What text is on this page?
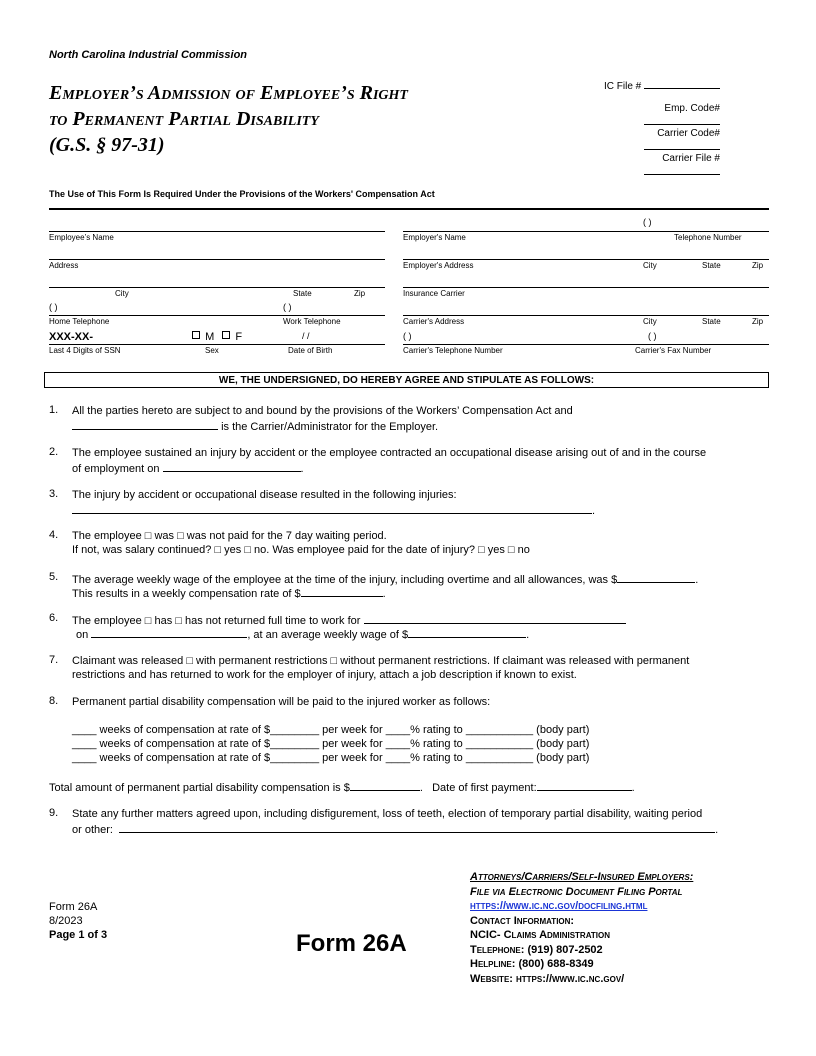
North Carolina Industrial Commission
Employer’s Admission of Employee’s Right
to Permanent Partial Disability
(G.S. § 97-31)
IC File #
Emp. Code#
Carrier Code#
Carrier File #
The Use of This Form Is Required Under the Provisions of the Workers' Compensation Act
Employee’s Name
Address
City	State	Zip
( )	( )
Home Telephone	Work Telephone
XXX-XX-	M F	/ /
Last 4 Digits of SSN	Sex	Date of Birth
( )
Employer's Name	Telephone Number
Employer's Address	City	State	Zip
Insurance Carrier
Carrier's Address	City	State	Zip
( )	( )
Carrier's Telephone Number	Carrier's Fax Number
WE, THE UNDERSIGNED, DO HEREBY AGREE AND STIPULATE AS FOLLOWS:
1. All the parties hereto are subject to and bound by the provisions of the Workers’ Compensation Act and
is the Carrier/Administrator for the Employer.
2. The employee sustained an injury by accident or the employee contracted an occupational disease arising out of and in the course
of employment on	.
3. The injury by accident or occupational disease resulted in the following injuries:
.
4. The employee □ was □ was not paid for the 7 day waiting period.
If not, was salary continued? □ yes □ no. Was employee paid for the date of injury? □ yes □ no
5. The average weekly wage of the employee at the time of the injury, including overtime and all allowances, was $	.
This results in a weekly compensation rate of $	.
6. The employee □ has □ has not returned full time to work for
on	, at an average weekly wage of $	.
7. Claimant was released □ with permanent restrictions □ without permanent restrictions. If claimant was released with permanent
restrictions and has returned to work for the employer of injury, attach a job description if known to exist.
8. Permanent partial disability compensation will be paid to the injured worker as follows:
____ weeks of compensation at rate of $________ per week for ____% rating to ___________ (body part)
____ weeks of compensation at rate of $________ per week for ____% rating to ___________ (body part)
____ weeks of compensation at rate of $________ per week for ____% rating to ___________ (body part)
Total amount of permanent partial disability compensation is $	.   Date of first payment:	.
9. State any further matters agreed upon, including disfigurement, loss of teeth, election of temporary partial disability, waiting period
or other:	.
Form 26A
8/2023
Page 1 of 3	Form 26A
Attorneys/Carriers/Self-Insured Employers:
File via Electronic Document Filing Portal
https://www.ic.nc.gov/docfiling.html
Contact Information:
NCIC- Claims Administration
Telephone: (919) 807-2502
Helpline: (800) 688-8349
Website: https://www.ic.nc.gov/
